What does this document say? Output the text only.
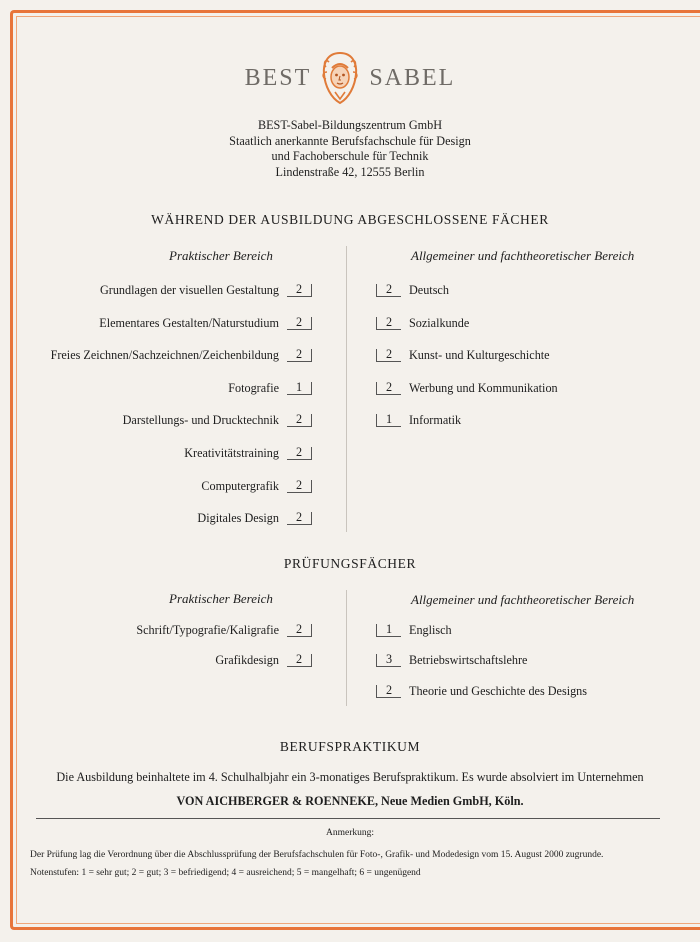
BEST SABEL
BEST-Sabel-Bildungszentrum GmbH
Staatlich anerkannte Berufsfachschule für Design
und Fachoberschule für Technik
Lindenstraße 42, 12555 Berlin
WÄHREND DER AUSBILDUNG ABGESCHLOSSENE FÄCHER
Praktischer Bereich	Allgemeiner und fachtheoretischer Bereich
Grundlagen der visuellen Gestaltung	2
Elementares Gestalten/Naturstudium	2
Freies Zeichnen/Sachzeichnen/Zeichenbildung	2
Fotografie	1
Darstellungs- und Drucktechnik	2
Kreativitätstraining	2
Computergrafik	2
Digitales Design	2
2	Deutsch
2	Sozialkunde
2	Kunst- und Kulturgeschichte
2	Werbung und Kommunikation
1	Informatik
PRÜFUNGSFÄCHER
Praktischer Bereich	Allgemeiner und fachtheoretischer Bereich
Schrift/Typografie/Kaligrafie	2
Grafikdesign	2
1	Englisch
3	Betriebswirtschaftslehre
2	Theorie und Geschichte des Designs
BERUFSPRAKTIKUM
Die Ausbildung beinhaltete im 4. Schulhalbjahr ein 3-monatiges Berufspraktikum. Es wurde absolviert im Unternehmen
VON AICHBERGER & ROENNEKE, Neue Medien GmbH, Köln.
Anmerkung:
Der Prüfung lag die Verordnung über die Abschlussprüfung der Berufsfachschulen für Foto-, Grafik- und Modedesign vom 15. August 2000 zugrunde.
Notenstufen: 1 = sehr gut; 2 = gut; 3 = befriedigend; 4 = ausreichend; 5 = mangelhaft; 6 = ungenügend
